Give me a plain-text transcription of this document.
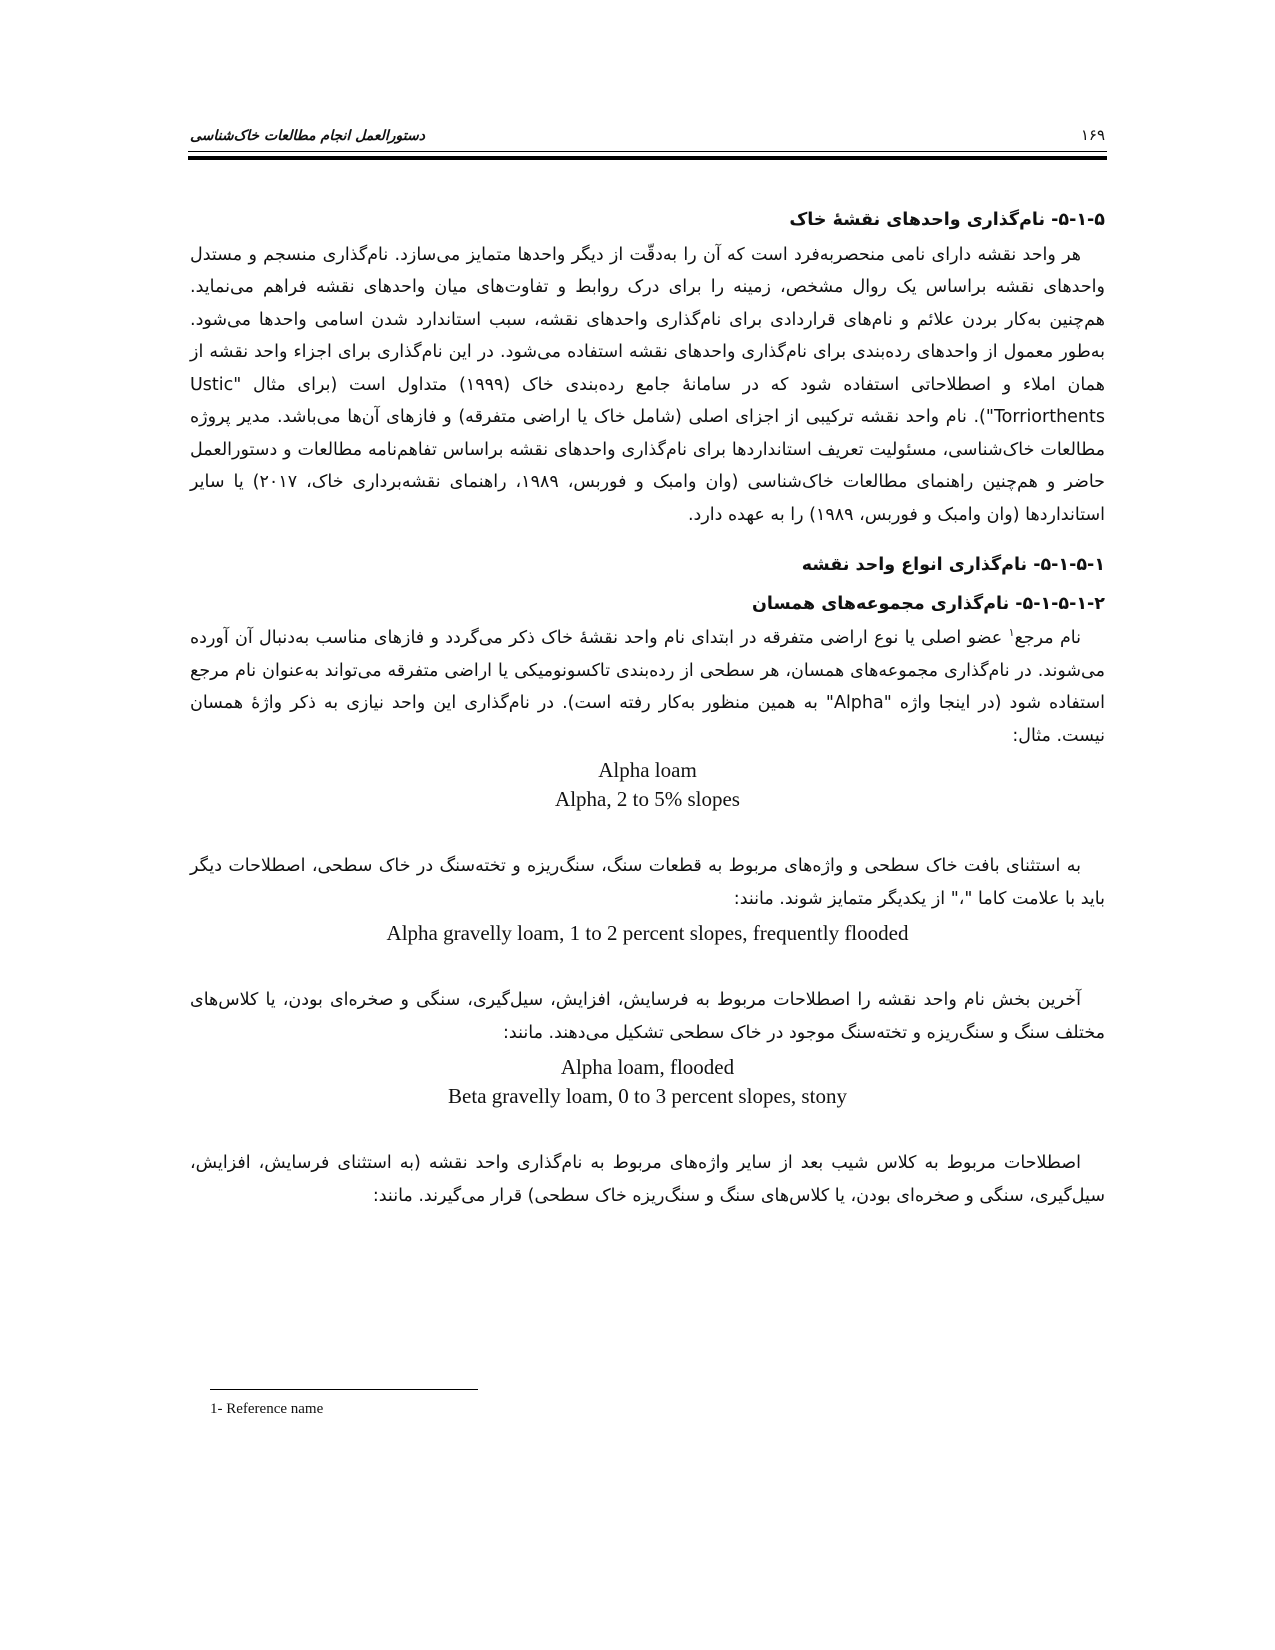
دستورالعمل انجام مطالعات خاک‌شناسی	۱۶۹

۵-۱-۵- نام‌گذاری واحدهای نقشهٔ خاک

هر واحد نقشه دارای نامی منحصربه‌فرد است که آن را به‌دقّت از دیگر واحدها متمایز می‌سازد. نام‌گذاری منسجم و مستدل واحدهای نقشه براساس یک روال مشخص، زمینه را برای درک روابط و تفاوت‌های میان واحدهای نقشه فراهم می‌نماید. هم‌چنین به‌کار بردن علائم و نام‌های قراردادی برای نام‌گذاری واحدهای نقشه، سبب استاندارد شدن اسامی واحدها می‌شود. به‌طور معمول از واحدهای رده‌بندی برای نام‌گذاری واحدهای نقشه استفاده می‌شود. در این نام‌گذاری برای اجزاء واحد نقشه از همان املاء و اصطلاحاتی استفاده شود که در سامانهٔ جامع رده‌بندی خاک (۱۹۹۹) متداول است (برای مثال "Ustic Torriorthents"). نام واحد نقشه ترکیبی از اجزای اصلی (شامل خاک یا اراضی متفرقه) و فازهای آن‌ها می‌باشد. مدیر پروژه مطالعات خاک‌شناسی، مسئولیت تعریف استانداردها برای نام‌گذاری واحدهای نقشه براساس تفاهم‌نامه مطالعات و دستورالعمل حاضر و هم‌چنین راهنمای مطالعات خاک‌شناسی (وان وامبک و فوربس، ۱۹۸۹، راهنمای نقشه‌برداری خاک، ۲۰۱۷) یا سایر استانداردها (وان وامبک و فوربس، ۱۹۸۹) را به عهده دارد.

۵-۱-۵-۱- نام‌گذاری انواع واحد نقشه

۵-۱-۵-۱-۲- نام‌گذاری مجموعه‌های همسان

نام مرجع$^۱$ عضو اصلی یا نوع اراضی متفرقه در ابتدای نام واحد نقشهٔ خاک ذکر می‌گردد و فازهای مناسب به‌دنبال آن آورده می‌شوند. در نام‌گذاری مجموعه‌های همسان، هر سطحی از رده‌بندی تاکسونومیکی یا اراضی متفرقه می‌تواند به‌عنوان نام مرجع استفاده شود (در اینجا واژه "Alpha" به همین منظور به‌کار رفته است). در نام‌گذاری این واحد نیازی به ذکر واژهٔ همسان نیست. مثال:

Alpha loam
Alpha, 2 to 5% slopes

به استثنای بافت خاک سطحی و واژه‌های مربوط به قطعات سنگ، سنگ‌ریزه و تخته‌سنگ در خاک سطحی، اصطلاحات دیگر باید با علامت کاما "،" از یکدیگر متمایز شوند. مانند:

Alpha gravelly loam, 1 to 2 percent slopes, frequently flooded

آخرین بخش نام واحد نقشه را اصطلاحات مربوط به فرسایش، افزایش، سیل‌گیری، سنگی و صخره‌ای بودن، یا کلاس‌های مختلف سنگ و سنگ‌ریزه و تخته‌سنگ موجود در خاک سطحی تشکیل می‌دهند. مانند:

Alpha loam, flooded
Beta gravelly loam, 0 to 3 percent slopes, stony

اصطلاحات مربوط به کلاس شیب بعد از سایر واژه‌های مربوط به نام‌گذاری واحد نقشه (به استثنای فرسایش، افزایش، سیل‌گیری، سنگی و صخره‌ای بودن، یا کلاس‌های سنگ و سنگ‌ریزه خاک سطحی) قرار می‌گیرند. مانند:

1- Reference name
